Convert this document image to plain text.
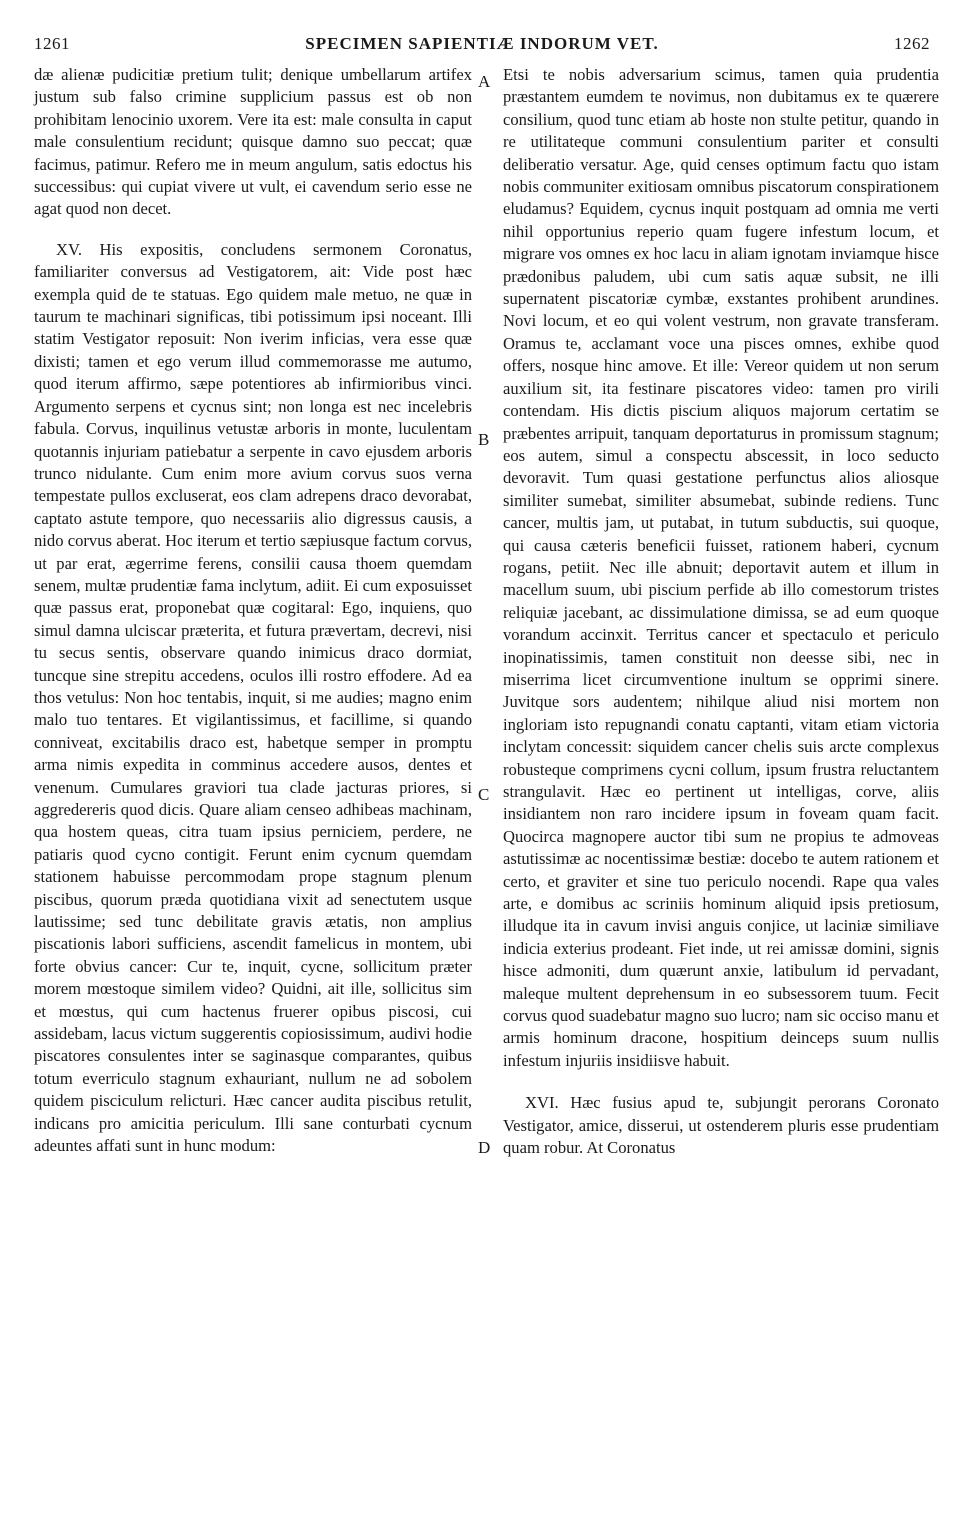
1261	SPECIMEN SAPIENTIÆ INDORUM VET.	1262

dæ alienæ pudicitiæ pretium tulit; denique umbellarum artifex justum sub falso crimine supplicium passus est ob non prohibitam lenocinio uxorem. Vere ita est: male consulta in caput male consulentium recidunt; quisque damno suo peccat; quæ facimus, patimur. Refero me in meum angulum, satis edoctus his successibus: qui cupiat vivere ut vult, ei cavendum serio esse ne agat quod non decet.

XV. His expositis, concludens sermonem Coronatus, familiariter conversus ad Vestigatorem, ait: Vide post hæc exempla quid de te statuas. Ego quidem male metuo, ne quæ in taurum te machinari significas, tibi potissimum ipsi noceant. Illi statim Vestigator reposuit: Non iverim inficias, vera esse quæ dixisti; tamen et ego verum illud commemorasse me autumo, quod iterum affirmo, sæpe potentiores ab infirmioribus vinci. Argumento serpens et cycnus sint; non longa est nec incelebris fabula. Corvus, inquilinus vetustæ arboris in monte, luculentam quotannis injuriam patiebatur a serpente in cavo ejusdem arboris trunco nidulante. Cum enim more avium corvus suos verna tempestate pullos excluserat, eos clam adrepens draco devorabat, captato astute tempore, quo necessariis alio digressus causis, a nido corvus aberat. Hoc iterum et tertio sæpiusque factum corvus, ut par erat, ægerrime ferens, consilii causa thoem quemdam senem, multæ prudentiæ fama inclytum, adiit. Ei cum exposuisset quæ passus erat, proponebat quæ cogitaral: Ego, inquiens, quo simul damna ulciscar præterita, et futura prævertam, decrevi, nisi tu secus sentis, observare quando inimicus draco dormiat, tuncque sine strepitu accedens, oculos illi rostro effodere. Ad ea thos vetulus: Non hoc tentabis, inquit, si me audies; magno enim malo tuo tentares. Et vigilantissimus, et facillime, si quando conniveat, excitabilis draco est, habetque semper in promptu arma nimis expedita in comminus accedere ausos, dentes et venenum. Cumulares graviori tua clade jacturas priores, si aggredereris quod dicis. Quare aliam censeo adhibeas machinam, qua hostem queas, citra tuam ipsius perniciem, perdere, ne patiaris quod cycno contigit. Ferunt enim cycnum quemdam stationem habuisse percommodam prope stagnum plenum piscibus, quorum præda quotidiana vixit ad senectutem usque lautissime; sed tunc debilitate gravis ætatis, non amplius piscationis labori sufficiens, ascendit famelicus in montem, ubi forte obvius cancer: Cur te, inquit, cycne, sollicitum præter morem mœstoque similem video? Quidni, ait ille, sollicitus sim et mœstus, qui cum hactenus fruerer opibus piscosi, cui assidebam, lacus victum suggerentis copiosissimum, audivi hodie piscatores consulentes inter se saginasque comparantes, quibus totum everriculo stagnum exhauriant, nullum ne ad sobolem quidem pisciculum relicturi. Hæc cancer audita piscibus retulit, indicans pro amicitia periculum. Illi sane conturbati cycnum adeuntes affati sunt in hunc modum:

A
B
C
D

Etsi te nobis adversarium scimus, tamen quia prudentia præstantem eumdem te novimus, non dubitamus ex te quærere consilium, quod tunc etiam ab hoste non stulte petitur, quando in re utilitateque communi consulentium pariter et consulti deliberatio versatur. Age, quid censes optimum factu quo istam nobis communiter exitiosam omnibus piscatorum conspirationem eludamus? Equidem, cycnus inquit postquam ad omnia me verti nihil opportunius reperio quam fugere infestum locum, et migrare vos omnes ex hoc lacu in aliam ignotam inviamque hisce prædonibus paludem, ubi cum satis aquæ subsit, ne illi supernatent piscatoriæ cymbæ, exstantes prohibent arundines. Novi locum, et eo qui volent vestrum, non gravate transferam. Oramus te, acclamant voce una pisces omnes, exhibe quod offers, nosque hinc amove. Et ille: Vereor quidem ut non serum auxilium sit, ita festinare piscatores video: tamen pro virili contendam. His dictis piscium aliquos majorum certatim se præbentes arripuit, tanquam deportaturus in promissum stagnum; eos autem, simul a conspectu abscessit, in loco seducto devoravit. Tum quasi gestatione perfunctus alios aliosque similiter sumebat, similiter absumebat, subinde rediens. Tunc cancer, multis jam, ut putabat, in tutum subductis, sui quoque, qui causa cæteris beneficii fuisset, rationem haberi, cycnum rogans, petiit. Nec ille abnuit; deportavit autem et illum in macellum suum, ubi piscium perfide ab illo comestorum tristes reliquiæ jacebant, ac dissimulatione dimissa, se ad eum quoque vorandum accinxit. Territus cancer et spectaculo et periculo inopinatissimis, tamen constituit non deesse sibi, nec in miserrima licet circumventione inultum se opprimi sinere. Juvitque sors audentem; nihilque aliud nisi mortem non ingloriam isto repugnandi conatu captanti, vitam etiam victoria inclytam concessit: siquidem cancer chelis suis arcte complexus robusteque comprimens cycni collum, ipsum frustra reluctantem strangulavit. Hæc eo pertinent ut intelligas, corve, aliis insidiantem non raro incidere ipsum in foveam quam facit. Quocirca magnopere auctor tibi sum ne propius te admoveas astutissimæ ac nocentissimæ bestiæ: docebo te autem rationem et certo, et graviter et sine tuo periculo nocendi. Rape qua vales arte, e domibus ac scriniis hominum aliquid ipsis pretiosum, illudque ita in cavum invisi anguis conjice, ut laciniæ similiave indicia exterius prodeant. Fiet inde, ut rei amissæ domini, signis hisce admoniti, dum quærunt anxie, latibulum id pervadant, maleque multent deprehensum in eo subsessorem tuum. Fecit corvus quod suadebatur magno suo lucro; nam sic occiso manu et armis hominum dracone, hospitium deinceps suum nullis infestum injuriis insidiisve habuit.

XVI. Hæc fusius apud te, subjungit perorans Coronato Vestigator, amice, disserui, ut ostenderem pluris esse prudentiam quam robur. At Coronatus
